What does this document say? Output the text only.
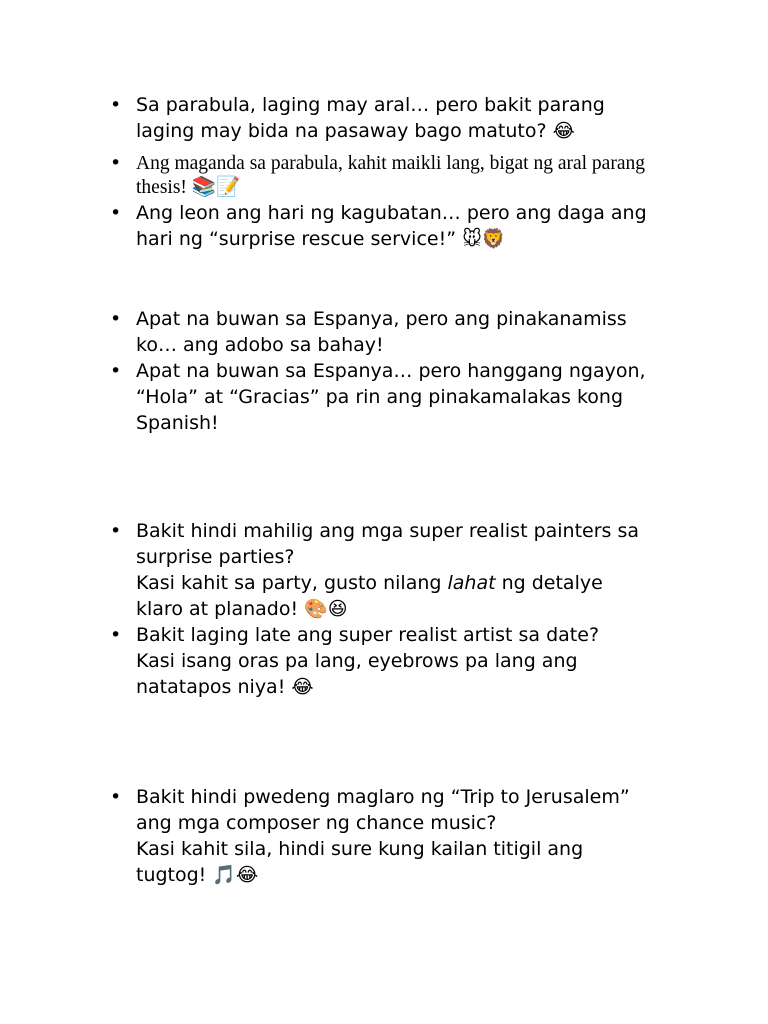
• Sa parabula, laging may aral… pero bakit parang
laging may bida na pasaway bago matuto? 😂
• Ang maganda sa parabula, kahit maikli lang, bigat ng aral parang
thesis! 📚📝
• Ang leon ang hari ng kagubatan… pero ang daga ang
hari ng “surprise rescue service!” 🐭🦁
• Apat na buwan sa Espanya, pero ang pinakanamiss
ko… ang adobo sa bahay!
• Apat na buwan sa Espanya… pero hanggang ngayon,
“Hola” at “Gracias” pa rin ang pinakamalakas kong
Spanish!
• Bakit hindi mahilig ang mga super realist painters sa
surprise parties?
Kasi kahit sa party, gusto nilang lahat ng detalye
klaro at planado! 🎨😆
• Bakit laging late ang super realist artist sa date?
Kasi isang oras pa lang, eyebrows pa lang ang
natatapos niya! 😂
• Bakit hindi pwedeng maglaro ng “Trip to Jerusalem”
ang mga composer ng chance music?
Kasi kahit sila, hindi sure kung kailan titigil ang
tugtog! 🎵😂
